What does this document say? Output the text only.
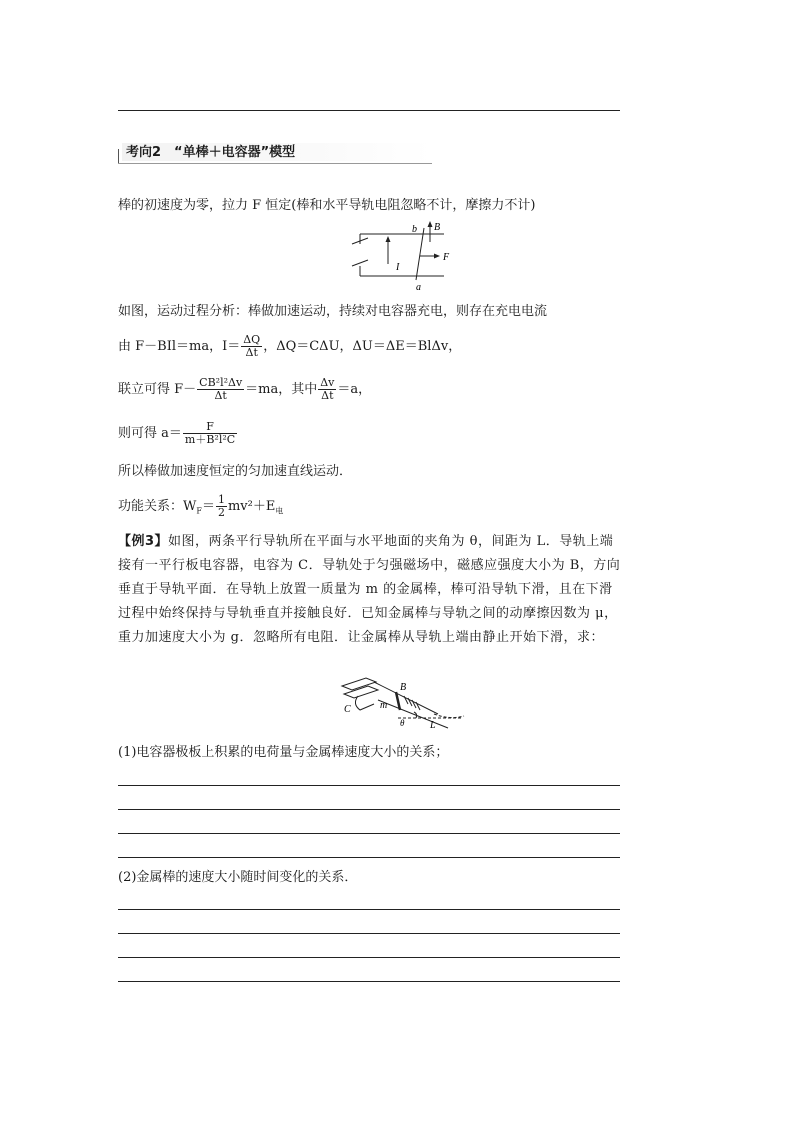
考向2　“单棒＋电容器”模型
棒的初速度为零，拉力 F 恒定(棒和水平导轨电阻忽略不计，摩擦力不计)
b B
F
I
a
如图，运动过程分析：棒做加速运动，持续对电容器充电，则存在充电电流
由 F－BIl＝ma，$I= \frac{\Delta Q}{\Delta t}$ ，ΔQ＝CΔU，ΔU＝ΔE＝BlΔv，
联立可得 $F- \frac{\text{CB²l²Δv}}{\Delta t} =ma$，其中 $\frac{\Delta v}{\Delta t} =a$，
则可得 $a= \frac{F}{\text{m＋B²l²C}}$
所以棒做加速度恒定的匀加速直线运动．
功能关系：$W_F= \frac{1}{2} mv^2+E_电$
【例3】如图，两条平行导轨所在平面与水平地面的夹角为 θ，间距为 L．导轨上端接有一平行板电容器，电容为 C．导轨处于匀强磁场中，磁感应强度大小为 B，方向垂直于导轨平面．在导轨上放置一质量为 m 的金属棒，棒可沿导轨下滑，且在下滑过程中始终保持与导轨垂直并接触良好．已知金属棒与导轨之间的动摩擦因数为 μ，重力加速度大小为 g．忽略所有电阻．让金属棒从导轨上端由静止开始下滑，求：
C	m
B
θ	L
(1)电容器极板上积累的电荷量与金属棒速度大小的关系；
(2)金属棒的速度大小随时间变化的关系．
